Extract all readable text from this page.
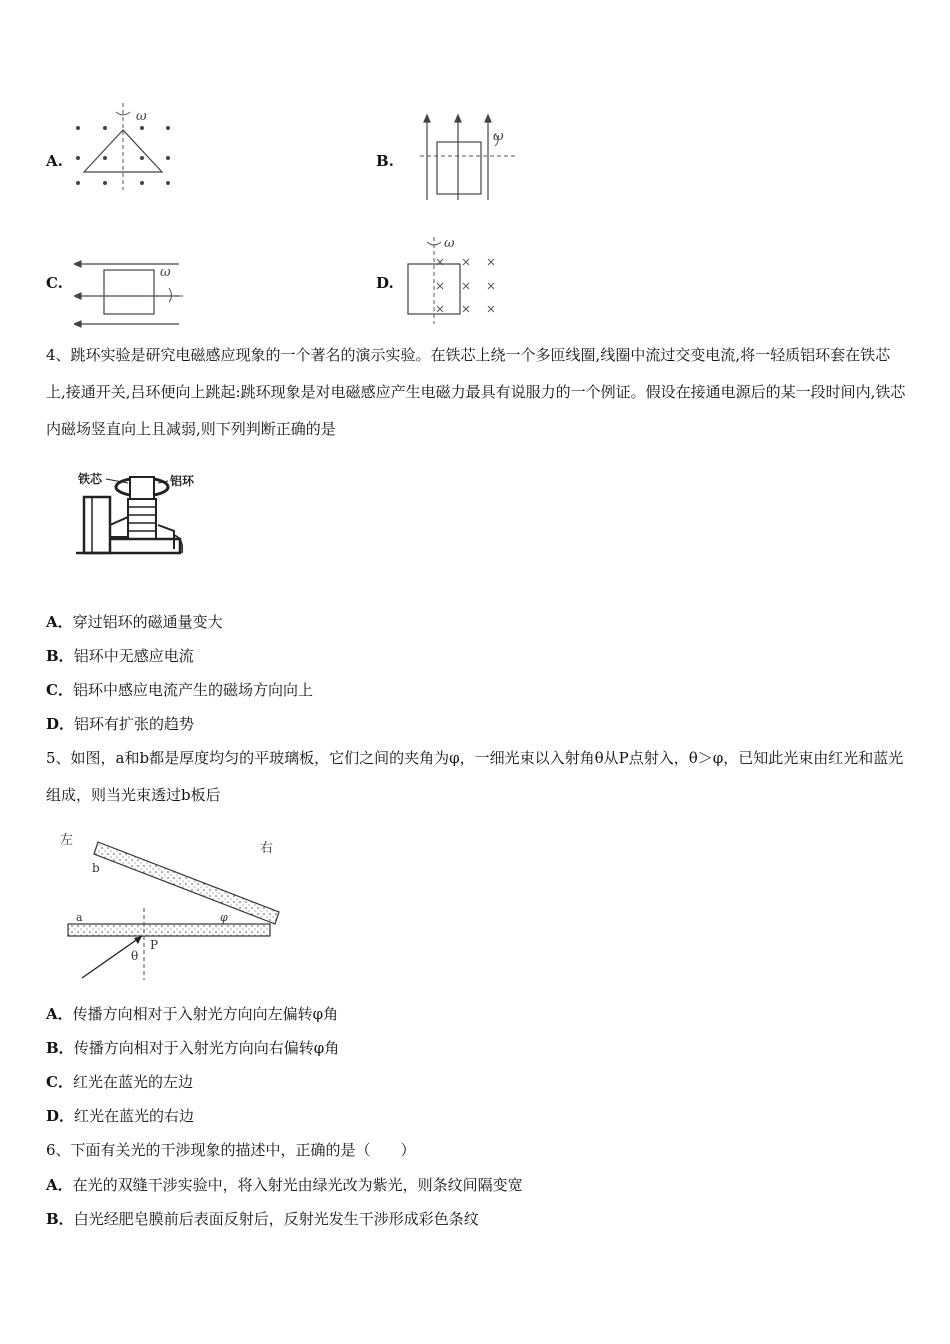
A.
ω
B.
ω
C.
ω
D.
ω
4、跳环实验是研究电磁感应现象的一个著名的演示实验。在铁芯上绕一个多匝线圈,线圈中流过交变电流,将一轻质铝环套在铁芯上,接通开关,吕环便向上跳起:跳环现象是对电磁感应产生电磁力最具有说服力的一个例证。假设在接通电源后的某一段时间内,铁芯内磁场竖直向上且减弱,则下列判断正确的是
铁芯	铝环
A．穿过铝环的磁通量变大
B．铝环中无感应电流
C．铝环中感应电流产生的磁场方向向上
D．铝环有扩张的趋势
5、如图，a和b都是厚度均匀的平玻璃板，它们之间的夹角为φ，一细光束以入射角θ从P点射入，θ＞φ，已知此光束由红光和蓝光组成，则当光束透过b板后
左
右
b
a	φ
P
θ
A．传播方向相对于入射光方向向左偏转φ角
B．传播方向相对于入射光方向向右偏转φ角
C．红光在蓝光的左边
D．红光在蓝光的右边
6、下面有关光的干涉现象的描述中，正确的是（　　）
A．在光的双缝干涉实验中，将入射光由绿光改为紫光，则条纹间隔变宽
B．白光经肥皂膜前后表面反射后，反射光发生干涉形成彩色条纹
